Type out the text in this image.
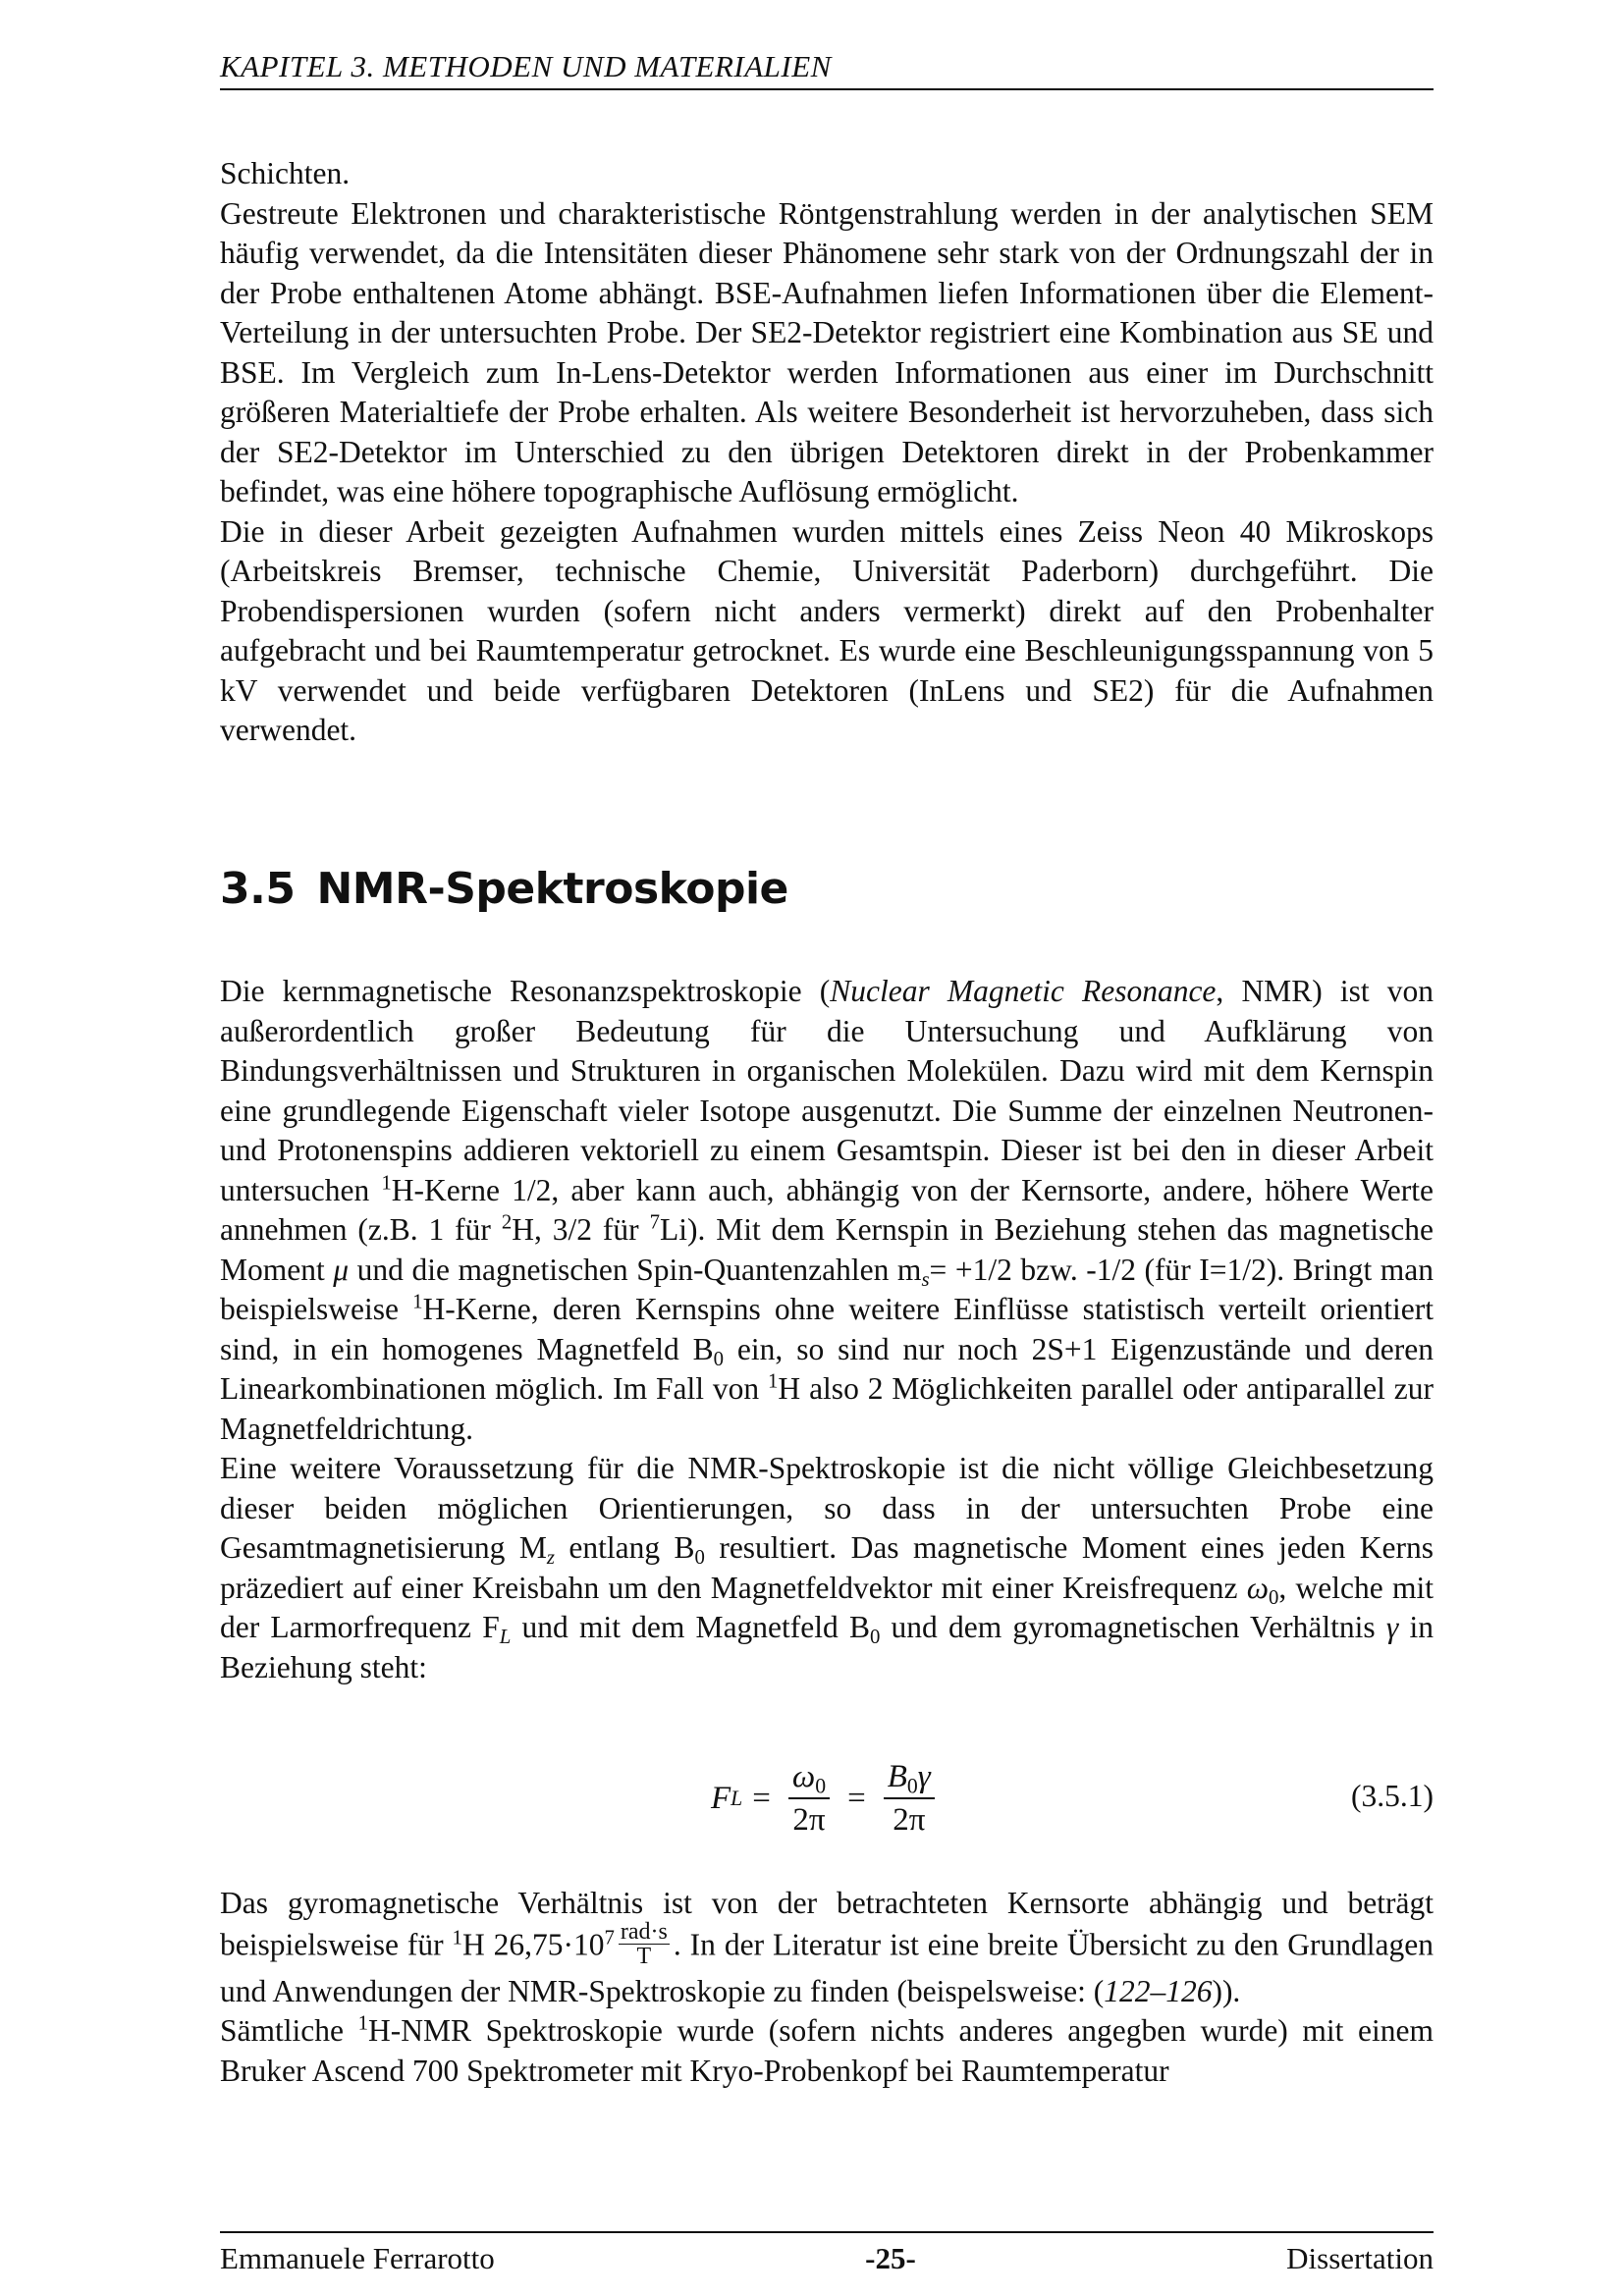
KAPITEL 3. METHODEN UND MATERIALIEN

Schichten.

Gestreute Elektronen und charakteristische Röntgenstrahlung werden in der analytischen SEM häufig verwendet, da die Intensitäten dieser Phänomene sehr stark von der Ordnungszahl der in der Probe enthaltenen Atome abhängt. BSE-Aufnahmen liefen Informationen über die Element-Verteilung in der untersuchten Probe. Der SE2-Detektor registriert eine Kombination aus SE und BSE. Im Vergleich zum In-Lens-Detektor werden Informationen aus einer im Durchschnitt größeren Materialtiefe der Probe erhalten. Als weitere Besonderheit ist hervorzuheben, dass sich der SE2-Detektor im Unterschied zu den übrigen Detektoren direkt in der Probenkammer befindet, was eine höhere topographische Auflösung ermöglicht.

Die in dieser Arbeit gezeigten Aufnahmen wurden mittels eines Zeiss Neon 40 Mikroskops (Arbeitskreis Bremser, technische Chemie, Universität Paderborn) durchgeführt. Die Probendispersionen wurden (sofern nicht anders vermerkt) direkt auf den Probenhalter aufgebracht und bei Raumtemperatur getrocknet. Es wurde eine Beschleunigungsspannung von 5 kV verwendet und beide verfügbaren Detektoren (InLens und SE2) für die Aufnahmen verwendet.

3.5 NMR-Spektroskopie

Die kernmagnetische Resonanzspektroskopie (Nuclear Magnetic Resonance, NMR) ist von außerordentlich großer Bedeutung für die Untersuchung und Aufklärung von Bindungsverhältnissen und Strukturen in organischen Molekülen. Dazu wird mit dem Kernspin eine grundlegende Eigenschaft vieler Isotope ausgenutzt. Die Summe der einzelnen Neutronen- und Protonenspins addieren vektoriell zu einem Gesamtspin. Dieser ist bei den in dieser Arbeit untersuchen $^1$H-Kerne 1/2, aber kann auch, abhängig von der Kernsorte, andere, höhere Werte annehmen (z.B. 1 für $^2$H, 3/2 für $^7$Li). Mit dem Kernspin in Beziehung stehen das magnetische Moment μ und die magnetischen Spin-Quantenzahlen $m_s= +1/2$ bzw. -1/2 (für I=1/2). Bringt man beispielsweise $^1$H-Kerne, deren Kernspins ohne weitere Einflüsse statistisch verteilt orientiert sind, in ein homogenes Magnetfeld $B_0$ ein, so sind nur noch 2S+1 Eigenzustände und deren Linearkombinationen möglich. Im Fall von $^1$H also 2 Möglichkeiten parallel oder antiparallel zur Magnetfeldrichtung.

Eine weitere Voraussetzung für die NMR-Spektroskopie ist die nicht völlige Gleichbesetzung dieser beiden möglichen Orientierungen, so dass in der untersuchten Probe eine Gesamtmagnetisierung $M_z$ entlang $B_0$ resultiert. Das magnetische Moment eines jeden Kerns präzediert auf einer Kreisbahn um den Magnetfeldvektor mit einer Kreisfrequenz $\omega_0$, welche mit der Larmorfrequenz $F_L$ und mit dem Magnetfeld $B_0$ und dem gyromagnetischen Verhältnis γ in Beziehung steht:

F $L = \frac{\omega_0}{2\pi} = \frac{B_0\gamma}{2\pi}$	(3.5.1)

Das gyromagnetische Verhältnis ist von der betrachteten Kernsorte abhängig und beträgt beispielsweise für $^1$H $26,75\cdot 10^7$ rad·s
T . In der Literatur ist eine breite Übersicht zu den Grundlagen und Anwendungen der NMR-Spektroskopie zu finden (beispelsweise: (122–126)).

Sämtliche $^1$H-NMR Spektroskopie wurde (sofern nichts anderes angegben wurde) mit einem Bruker Ascend 700 Spektrometer mit Kryo-Probenkopf bei Raumtemperatur

Emmanuele Ferrarotto	-25-	Dissertation
